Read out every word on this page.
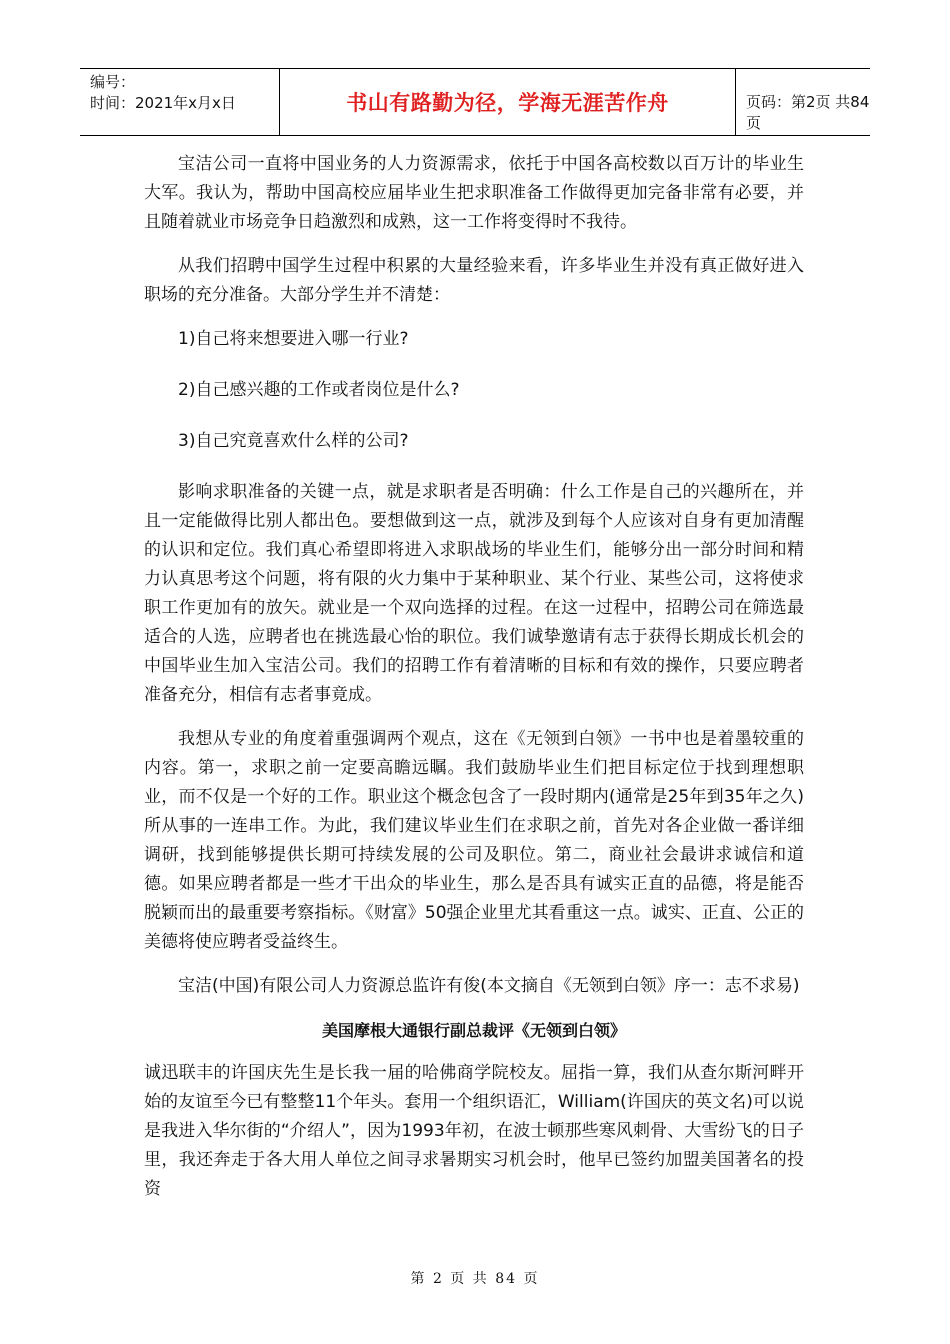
编号：
时间：2021年x月x日	书山有路勤为径，学海无涯苦作舟	页码：第2页 共84页

宝洁公司一直将中国业务的人力资源需求，依托于中国各高校数以百万计的毕业生大军。我认为，帮助中国高校应届毕业生把求职准备工作做得更加完备非常有必要，并且随着就业市场竞争日趋激烈和成熟，这一工作将变得时不我待。

从我们招聘中国学生过程中积累的大量经验来看，许多毕业生并没有真正做好进入职场的充分准备。大部分学生并不清楚：

1)自己将来想要进入哪一行业?

2)自己感兴趣的工作或者岗位是什么?

3)自己究竟喜欢什么样的公司?

影响求职准备的关键一点，就是求职者是否明确：什么工作是自己的兴趣所在，并且一定能做得比别人都出色。要想做到这一点，就涉及到每个人应该对自身有更加清醒的认识和定位。我们真心希望即将进入求职战场的毕业生们，能够分出一部分时间和精力认真思考这个问题，将有限的火力集中于某种职业、某个行业、某些公司，这将使求职工作更加有的放矢。就业是一个双向选择的过程。在这一过程中，招聘公司在筛选最适合的人选，应聘者也在挑选最心怡的职位。我们诚挚邀请有志于获得长期成长机会的中国毕业生加入宝洁公司。我们的招聘工作有着清晰的目标和有效的操作，只要应聘者准备充分，相信有志者事竟成。

我想从专业的角度着重强调两个观点，这在《无领到白领》一书中也是着墨较重的内容。第一，求职之前一定要高瞻远瞩。我们鼓励毕业生们把目标定位于找到理想职业，而不仅是一个好的工作。职业这个概念包含了一段时期内(通常是25年到35年之久)所从事的一连串工作。为此，我们建议毕业生们在求职之前，首先对各企业做一番详细调研，找到能够提供长期可持续发展的公司及职位。第二，商业社会最讲求诚信和道德。如果应聘者都是一些才干出众的毕业生，那么是否具有诚实正直的品德，将是能否脱颖而出的最重要考察指标。《财富》50强企业里尤其看重这一点。诚实、正直、公正的美德将使应聘者受益终生。

宝洁(中国)有限公司人力资源总监许有俊(本文摘自《无领到白领》序一：志不求易)

美国摩根大通银行副总裁评《无领到白领》

诚迅联丰的许国庆先生是长我一届的哈佛商学院校友。屈指一算，我们从查尔斯河畔开始的友谊至今已有整整11个年头。套用一个组织语汇，William(许国庆的英文名)可以说是我进入华尔街的“介绍人”，因为1993年初，在波士顿那些寒风刺骨、大雪纷飞的日子里，我还奔走于各大用人单位之间寻求暑期实习机会时，他早已签约加盟美国著名的投资

第 2 页 共 84 页
